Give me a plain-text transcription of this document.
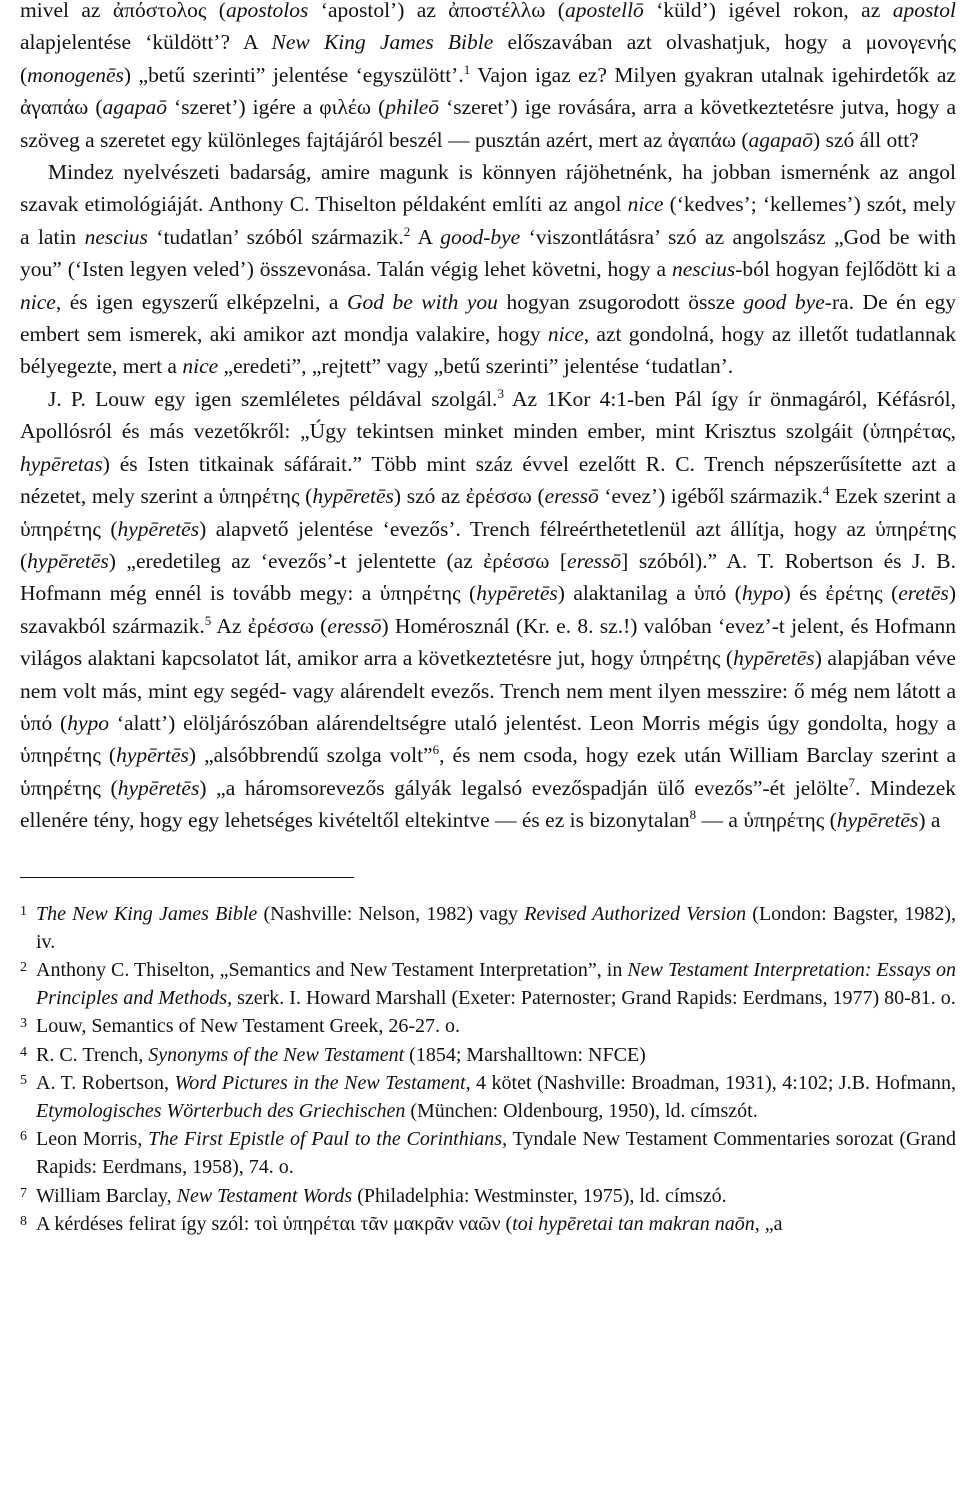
mivel az ἀπόστολος (apostolos ‘apostol’) az ἀποστέλλω (apostellō ‘küld’) igével rokon, az apostol alapjelentése ‘küldött’? A New King James Bible előszavában azt olvashatjuk, hogy a μονογενής (monogenēs) „betű szerinti” jelentése ‘egyszülött’.$^1$ Vajon igaz ez? Milyen gyakran utalnak igehirdetők az ἀγαπάω (agapaō ‘szeret’) igére a φιλέω (phileō ‘szeret’) ige rovására, arra a következtetésre jutva, hogy a szöveg a szeretet egy különleges fajtájáról beszél — pusztán azért, mert az ἀγαπάω (agapaō) szó áll ott?

Mindez nyelvészeti badarság, amire magunk is könnyen rájöhetnénk, ha jobban ismernénk az angol szavak etimológiáját. Anthony C. Thiselton példaként említi az angol nice (‘kedves’; ‘kellemes’) szót, mely a latin nescius ‘tudatlan’ szóból származik.$^2$ A good-bye ‘viszontlátásra’ szó az angolszász „God be with you” (‘Isten legyen veled’) összevonása. Talán végig lehet követni, hogy a nescius-ból hogyan fejlődött ki a nice, és igen egyszerű elképzelni, a God be with you hogyan zsugorodott össze good bye-ra. De én egy embert sem ismerek, aki amikor azt mondja valakire, hogy nice, azt gondolná, hogy az illetőt tudatlannak bélyegezte, mert a nice „eredeti”, „rejtett” vagy „betű szerinti” jelentése ‘tudatlan’.

J. P. Louw egy igen szemléletes példával szolgál.$^3$ Az 1Kor 4:1-ben Pál így ír önmagáról, Kéfásról, Apollósról és más vezetőkről: „Úgy tekintsen minket minden ember, mint Krisztus szolgáit (ὑπηρέτας, hypēretas) és Isten titkainak sáfárait.” Több mint száz évvel ezelőtt R. C. Trench népszerűsítette azt a nézetet, mely szerint a ὑπηρέτης (hypēretēs) szó az ἐρέσσω (eressō ‘evez’) igéből származik.$^4$ Ezek szerint a ὑπηρέτης (hypēretēs) alapvető jelentése ‘evezős’. Trench félreérthetetlenül azt állítja, hogy az ὑπηρέτης (hypēretēs) „eredetileg az ‘evezős’-t jelentette (az ἐρέσσω [eressō] szóból).” A. T. Robertson és J. B. Hofmann még ennél is tovább megy: a ὑπηρέτης (hypēretēs) alaktanilag a ὑπό (hypo) és ἐρέτης (eretēs) szavakból származik.$^5$ Az ἐρέσσω (eressō) Homérosznál (Kr. e. 8. sz.!) valóban ‘evez’-t jelent, és Hofmann világos alaktani kapcsolatot lát, amikor arra a következtetésre jut, hogy ὑπηρέτης (hypēretēs) alapjában véve nem volt más, mint egy segéd- vagy alárendelt evezős. Trench nem ment ilyen messzire: ő még nem látott a ὑπό (hypo ‘alatt’) elöljárószóban alárendeltségre utaló jelentést. Leon Morris mégis úgy gondolta, hogy a ὑπηρέτης (hypērtēs) „alsóbbrendű szolga volt”$^6$, és nem csoda, hogy ezek után William Barclay szerint a ὑπηρέτης (hypēretēs) „a háromsorevezős gályák legalsó evezőspadján ülő evezős”-ét jelölte$^7$. Mindezek ellenére tény, hogy egy lehetséges kivételtől eltekintve — és ez is bizonytalan$^8$ — a ὑπηρέτης (hypēretēs) a

1 The New King James Bible (Nashville: Nelson, 1982) vagy Revised Authorized Version (London: Bagster, 1982), iv.
2 Anthony C. Thiselton, „Semantics and New Testament Interpretation”, in New Testament Interpretation: Essays on Principles and Methods, szerk. I. Howard Marshall (Exeter: Paternoster; Grand Rapids: Eerdmans, 1977) 80-81. o.
3 Louw, Semantics of New Testament Greek, 26-27. o.
4 R. C. Trench, Synonyms of the New Testament (1854; Marshalltown: NFCE)
5 A. T. Robertson, Word Pictures in the New Testament, 4 kötet (Nashville: Broadman, 1931), 4:102; J.B. Hofmann, Etymologisches Wörterbuch des Griechischen (München: Oldenbourg, 1950), ld. címszót.
6 Leon Morris, The First Epistle of Paul to the Corinthians, Tyndale New Testament Commentaries sorozat (Grand Rapids: Eerdmans, 1958), 74. o.
7 William Barclay, New Testament Words (Philadelphia: Westminster, 1975), ld. címszó.
8 A kérdéses felirat így szól: τοὶ ὑπηρέται τᾶν μακρᾶν ναῶν (toi hypēretai tan makran naōn, „a
